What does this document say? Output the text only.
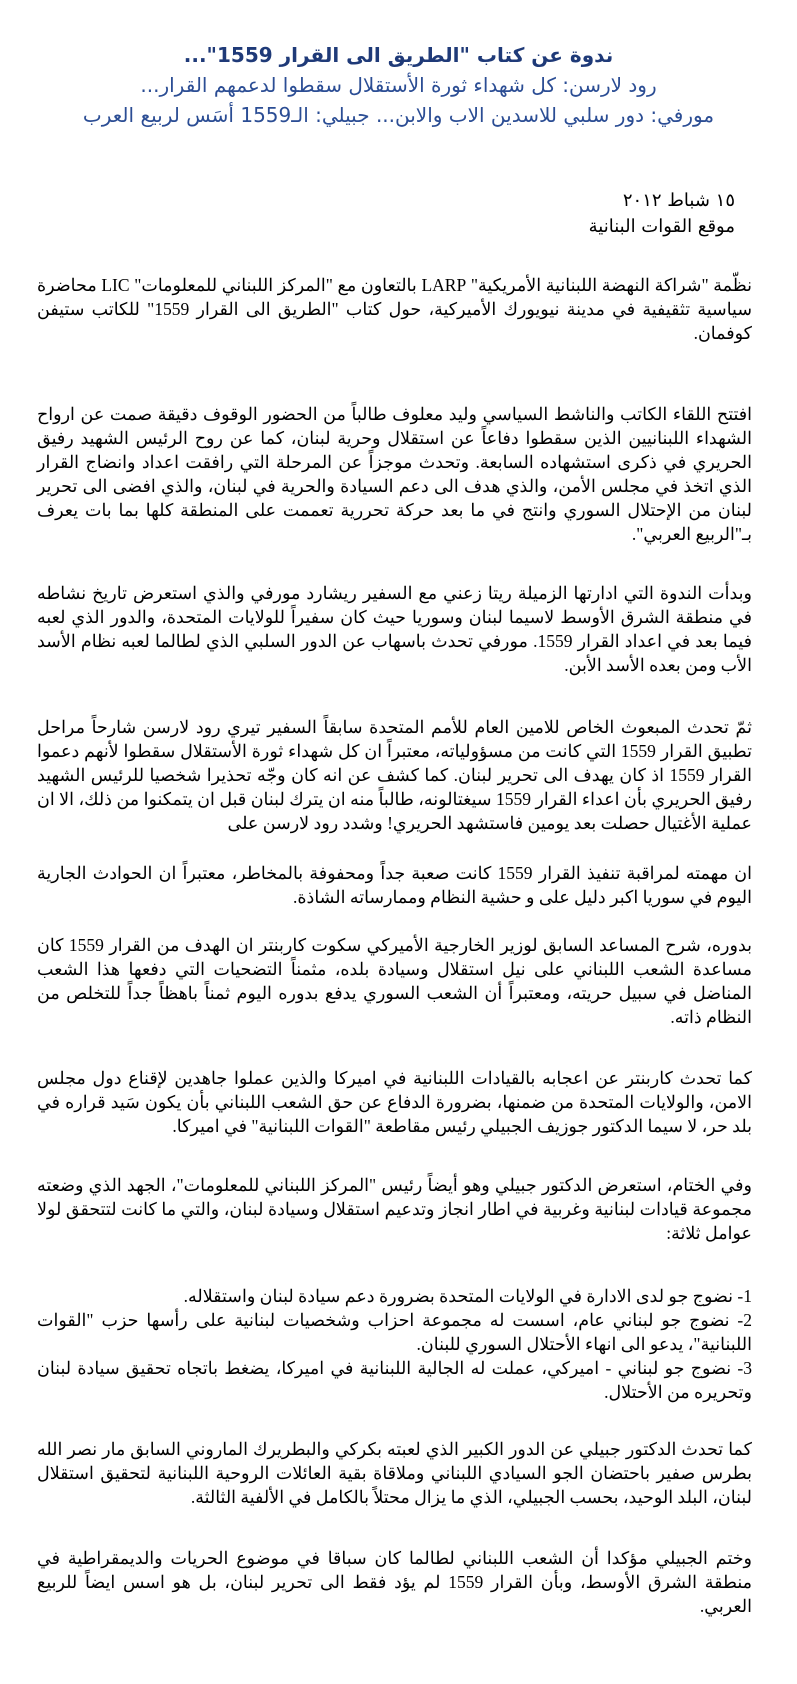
ندوة عن كتاب "الطريق الى القرار 1559"...

رود لارسن: كل شهداء ثورة الأستقلال سقطوا لدعمهم القرار...

مورفي: دور سلبي للاسدين الاب والابن... جبيلي: الـ1559 أسَس لربيع العرب

١٥ شباط ٢٠١٢
موقع القوات البنانية

نظّمة "شراكة النهضة اللبنانية الأمريكية" LARP بالتعاون مع "المركز اللبناني للمعلومات" LIC محاضرة سياسية تثقيفية في مدينة نيويورك الأميركية، حول كتاب "الطريق الى القرار 1559" للكاتب ستيفن كوفمان.

افتتح اللقاء الكاتب والناشط السياسي وليد معلوف طالباً من الحضور الوقوف دقيقة صمت عن ارواح الشهداء اللبنانيين الذين سقطوا دفاعاً عن استقلال وحرية لبنان، كما عن روح الرئيس الشهيد رفيق الحريري في ذكرى استشهاده السابعة. وتحدث موجزاً عن المرحلة التي رافقت اعداد وانضاج القرار الذي اتخذ في مجلس الأمن، والذي هدف الى دعم السيادة والحرية في لبنان، والذي افضى الى تحرير لبنان من الإحتلال السوري وانتج في ما بعد حركة تحررية تعممت على المنطقة كلها بما بات يعرف بـ"الربيع العربي".

وبدأت الندوة التي ادارتها الزميلة ريتا زعني مع السفير ريشارد مورفي والذي استعرض تاريخ نشاطه في منطقة الشرق الأوسط لاسيما لبنان وسوريا حيث كان سفيراً للولايات المتحدة، والدور الذي لعبه فيما بعد في اعداد القرار 1559. مورفي تحدث باسهاب عن الدور السلبي الذي لطالما لعبه نظام الأسد الأب ومن بعده الأسد الأبن.

ثمّ تحدث المبعوث الخاص للامين العام للأمم المتحدة سابقاً السفير تيري رود لارسن شارحاً مراحل تطبيق القرار 1559 التي كانت من مسؤولياته، معتبراً ان كل شهداء ثورة الأستقلال سقطوا لأنهم دعموا القرار 1559 اذ كان يهدف الى تحرير لبنان. كما كشف عن انه كان وجّه تحذيرا شخصيا للرئيس الشهيد رفيق الحريري بأن اعداء القرار 1559 سيغتالونه، طالباً منه ان يترك لبنان قبل ان يتمكنوا من ذلك، الا ان عملية الأغتيال حصلت بعد يومين فاستشهد الحريري! وشدد رود لارسن على

ان مهمته لمراقبة تنفيذ القرار 1559 كانت صعبة جداً ومحفوفة بالمخاطر، معتبراً ان الحوادث الجارية اليوم في سوريا اكبر دليل على و حشية النظام وممارساته الشاذة.

بدوره، شرح المساعد السابق لوزير الخارجية الأميركي سكوت كاربنتر ان الهدف من القرار 1559 كان مساعدة الشعب اللبناني على نيل استقلال وسيادة بلده، مثمناً التضحيات التي دفعها هذا الشعب المناضل في سبيل حريته، ومعتبراً أن الشعب السوري يدفع بدوره اليوم ثمناً باهظاً جداً للتخلص من النظام ذاته.

كما تحدث كاربنتر عن اعجابه بالقيادات اللبنانية في اميركا والذين عملوا جاهدين لإقناع دول مجلس الامن، والولايات المتحدة من ضمنها، بضرورة الدفاع عن حق الشعب اللبناني بأن يكون سَيد قراره في بلد حر، لا سيما الدكتور جوزيف الجبيلي رئيس مقاطعة "القوات اللبنانية" في اميركا.

وفي الختام، استعرض الدكتور جبيلي وهو أيضاً رئيس "المركز اللبناني للمعلومات"، الجهد الذي وضعته مجموعة قيادات لبنانية وغربية في اطار انجاز وتدعيم استقلال وسيادة لبنان، والتي ما كانت لتتحقق لولا عوامل ثلاثة:

1- نضوج جو لدى الادارة في الولايات المتحدة بضرورة دعم سيادة لبنان واستقلاله.

2- نضوج جو لبناني عام، اسست له مجموعة احزاب وشخصيات لبنانية على رأسها حزب "القوات اللبنانية"، يدعو الى انهاء الأحتلال السوري للبنان.

3- نضوج جو لبناني - اميركي، عملت له الجالية اللبنانية في اميركا، يضغط باتجاه تحقيق سيادة لبنان وتحريره من الأحتلال.

كما تحدث الدكتور جبيلي عن الدور الكبير الذي لعبته بكركي والبطريرك الماروني السابق مار نصر الله بطرس صفير باحتضان الجو السيادي اللبناني وملاقاة بقية العائلات الروحية اللبنانية لتحقيق استقلال لبنان، البلد الوحيد، بحسب الجبيلي، الذي ما يزال محتلاً بالكامل في الألفية الثالثة.

وختم الجبيلي مؤكدا أن الشعب اللبناني لطالما كان سباقا في موضوع الحريات والديمقراطية في منطقة الشرق الأوسط، وبأن القرار 1559 لم يؤد فقط الى تحرير لبنان، بل هو اسس ايضاً للربيع العربي.
